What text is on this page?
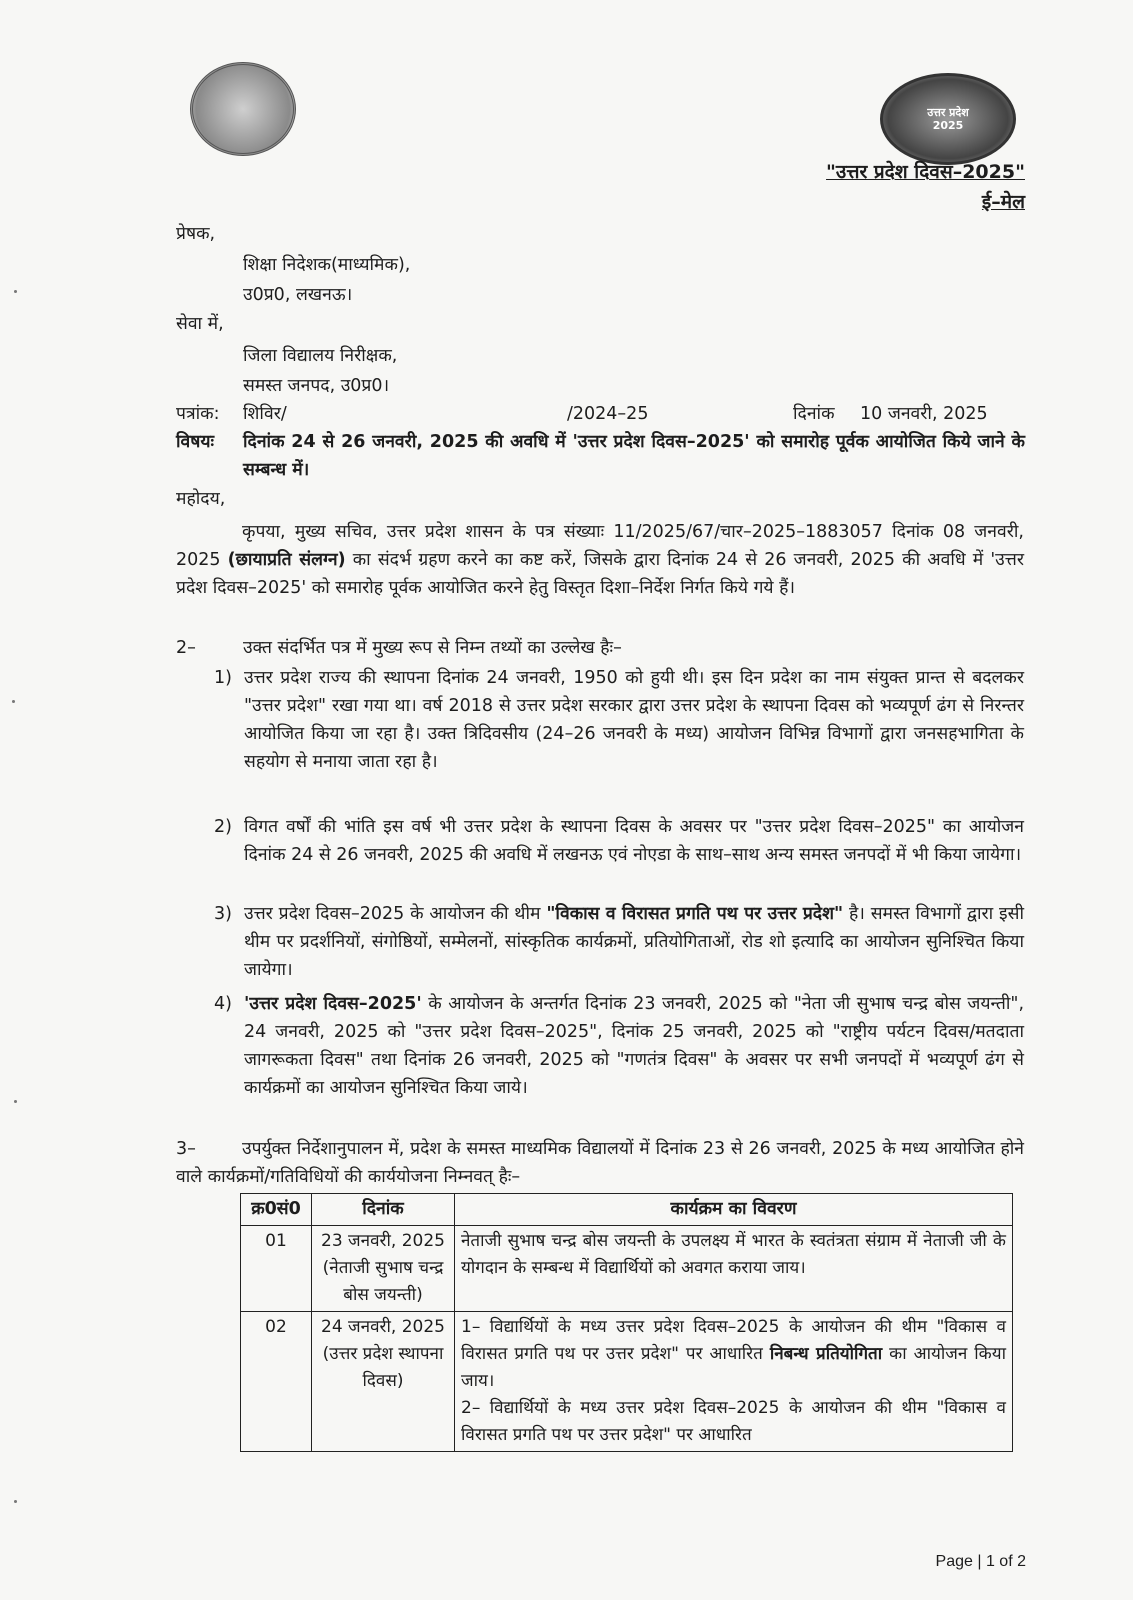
उत्तर प्रदेश
2025
"उत्तर प्रदेश दिवस–2025"
ई–मेल
प्रेषक,
शिक्षा निदेशक(माध्यमिक),
उ0प्र0, लखनऊ।
सेवा में,
जिला विद्यालय निरीक्षक,
समस्त जनपद, उ0प्र0।
पत्रांक: शिविर/	/2024–25	दिनांक 10 जनवरी, 2025
विषयः दिनांक 24 से 26 जनवरी, 2025 की अवधि में 'उत्तर प्रदेश दिवस–2025' को समारोह पूर्वक आयोजित किये जाने के सम्बन्ध में।
महोदय,
कृपया, मुख्य सचिव, उत्तर प्रदेश शासन के पत्र संख्याः 11/2025/67/चार–2025–1883057 दिनांक 08 जनवरी, 2025 (छायाप्रति संलग्न) का संदर्भ ग्रहण करने का कष्ट करें, जिसके द्वारा दिनांक 24 से 26 जनवरी, 2025 की अवधि में 'उत्तर प्रदेश दिवस–2025' को समारोह पूर्वक आयोजित करने हेतु विस्तृत दिशा–निर्देश निर्गत किये गये हैं।
2–	उक्त संदर्भित पत्र में मुख्य रूप से निम्न तथ्यों का उल्लेख हैः–
1) उत्तर प्रदेश राज्य की स्थापना दिनांक 24 जनवरी, 1950 को हुयी थी। इस दिन प्रदेश का नाम संयुक्त प्रान्त से बदलकर "उत्तर प्रदेश" रखा गया था। वर्ष 2018 से उत्तर प्रदेश सरकार द्वारा उत्तर प्रदेश के स्थापना दिवस को भव्यपूर्ण ढंग से निरन्तर आयोजित किया जा रहा है। उक्त त्रिदिवसीय (24–26 जनवरी के मध्य) आयोजन विभिन्न विभागों द्वारा जनसहभागिता के सहयोग से मनाया जाता रहा है।
2) विगत वर्षों की भांति इस वर्ष भी उत्तर प्रदेश के स्थापना दिवस के अवसर पर "उत्तर प्रदेश दिवस–2025" का आयोजन दिनांक 24 से 26 जनवरी, 2025 की अवधि में लखनऊ एवं नोएडा के साथ–साथ अन्य समस्त जनपदों में भी किया जायेगा।
3) उत्तर प्रदेश दिवस–2025 के आयोजन की थीम "विकास व विरासत प्रगति पथ पर उत्तर प्रदेश" है। समस्त विभागों द्वारा इसी थीम पर प्रदर्शनियों, संगोष्ठियों, सम्मेलनों, सांस्कृतिक कार्यक्रमों, प्रतियोगिताओं, रोड शो इत्यादि का आयोजन सुनिश्चित किया जायेगा।
4) 'उत्तर प्रदेश दिवस–2025' के आयोजन के अन्तर्गत दिनांक 23 जनवरी, 2025 को "नेता जी सुभाष चन्द्र बोस जयन्ती", 24 जनवरी, 2025 को "उत्तर प्रदेश दिवस–2025", दिनांक 25 जनवरी, 2025 को "राष्ट्रीय पर्यटन दिवस/मतदाता जागरूकता दिवस" तथा दिनांक 26 जनवरी, 2025 को "गणतंत्र दिवस" के अवसर पर सभी जनपदों में भव्यपूर्ण ढंग से कार्यक्रमों का आयोजन सुनिश्चित किया जाये।
3–	उपर्युक्त निर्देशानुपालन में, प्रदेश के समस्त माध्यमिक विद्यालयों में दिनांक 23 से 26 जनवरी, 2025 के मध्य आयोजित होने वाले कार्यक्रमों/गतिविधियों की कार्ययोजना निम्नवत् हैः–
क्र0सं0	दिनांक	कार्यक्रम का विवरण
01	23 जनवरी, 2025 (नेताजी सुभाष चन्द्र बोस जयन्ती)	नेताजी सुभाष चन्द्र बोस जयन्ती के उपलक्ष्य में भारत के स्वतंत्रता संग्राम में नेताजी जी के योगदान के सम्बन्ध में विद्यार्थियों को अवगत कराया जाय।
02	24 जनवरी, 2025 (उत्तर प्रदेश स्थापना दिवस)	1– विद्यार्थियों के मध्य उत्तर प्रदेश दिवस–2025 के आयोजन की थीम "विकास व विरासत प्रगति पथ पर उत्तर प्रदेश" पर आधारित निबन्ध प्रतियोगिता का आयोजन किया जाय।
2– विद्यार्थियों के मध्य उत्तर प्रदेश दिवस–2025 के आयोजन की थीम "विकास व विरासत प्रगति पथ पर उत्तर प्रदेश" पर आधारित
Page | 1 of 2
